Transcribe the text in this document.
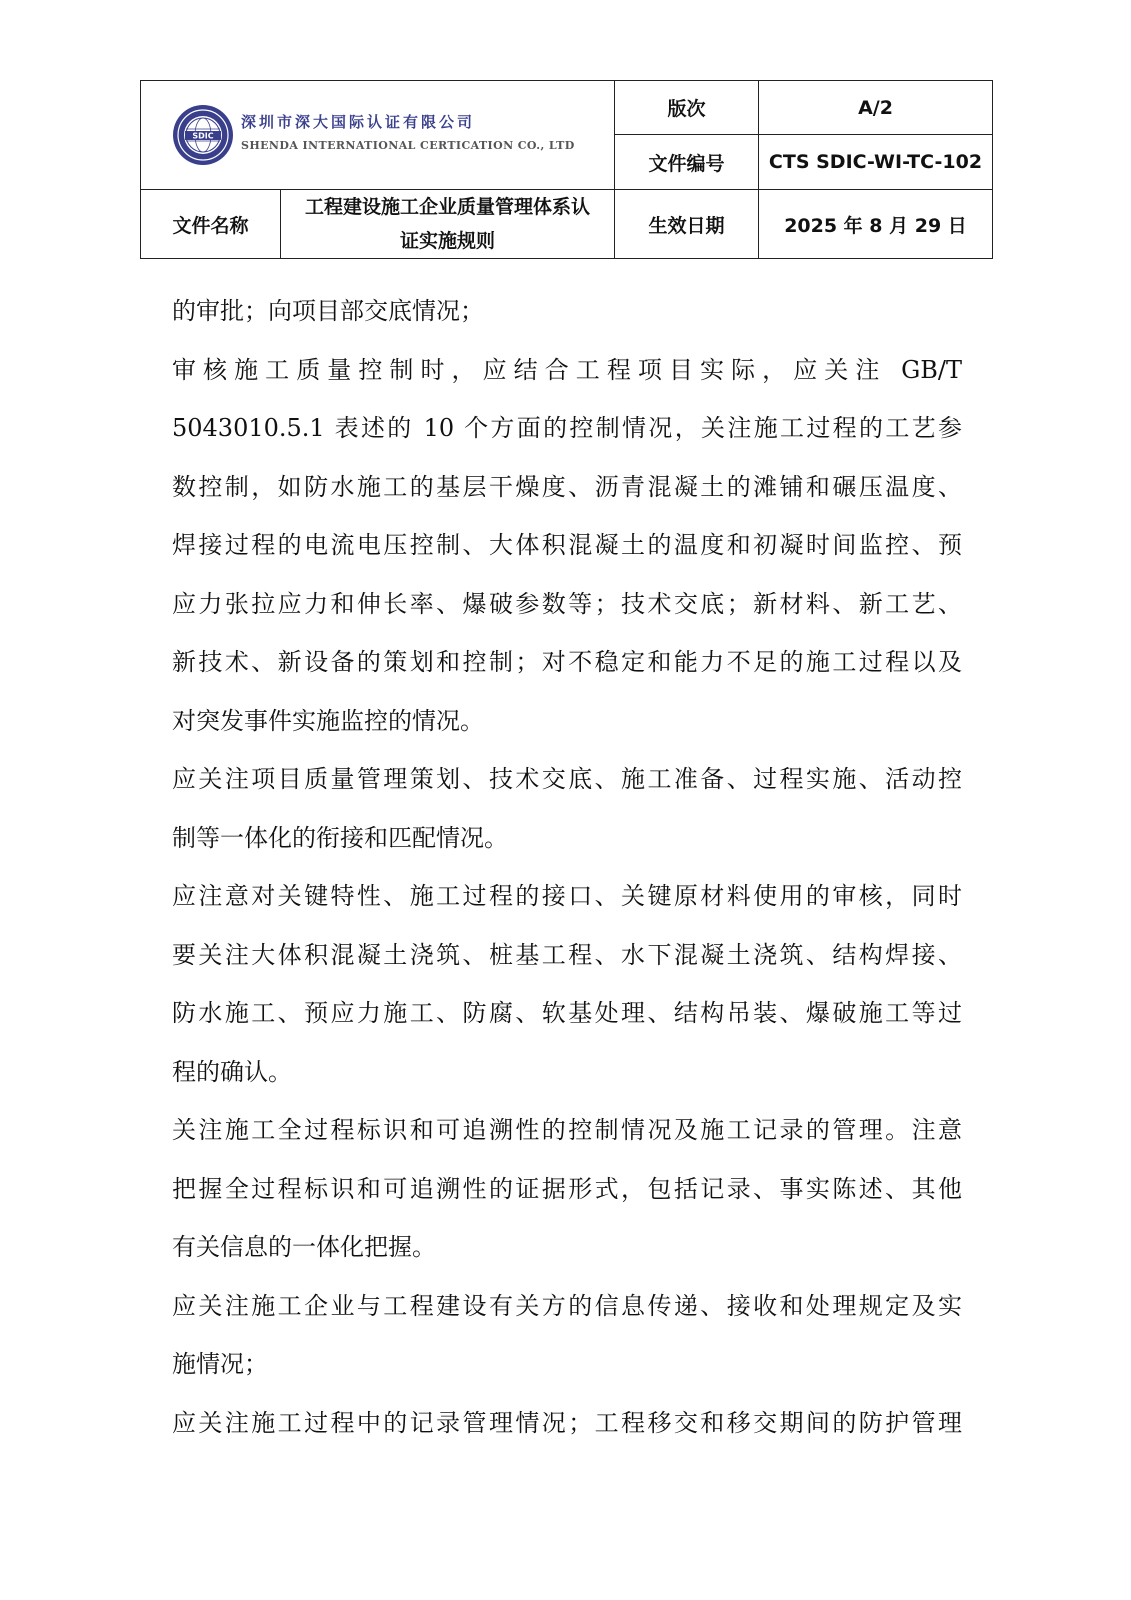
SDIC
深圳市深大国际认证有限公司
SHENDA INTERNATIONAL CERTICATION CO., LTD		版次	A/2
		文件编号	CTS SDIC-WI-TC-102
文件名称	工程建设施工企业质量管理体系认
证实施规则	生效日期	2025 年 8 月 29 日
的审批；向项目部交底情况；
审核施工质量控制时，应结合工程项目实际，应关注 GB/T
5043010.5.1 表述的 10 个方面的控制情况，关注施工过程的工艺参
数控制，如防水施工的基层干燥度、沥青混凝土的滩铺和碾压温度、
焊接过程的电流电压控制、大体积混凝土的温度和初凝时间监控、预
应力张拉应力和伸长率、爆破参数等；技术交底；新材料、新工艺、
新技术、新设备的策划和控制；对不稳定和能力不足的施工过程以及
对突发事件实施监控的情况。
应关注项目质量管理策划、技术交底、施工准备、过程实施、活动控
制等一体化的衔接和匹配情况。
应注意对关键特性、施工过程的接口、关键原材料使用的审核，同时
要关注大体积混凝土浇筑、桩基工程、水下混凝土浇筑、结构焊接、
防水施工、预应力施工、防腐、软基处理、结构吊装、爆破施工等过
程的确认。
关注施工全过程标识和可追溯性的控制情况及施工记录的管理。注意
把握全过程标识和可追溯性的证据形式，包括记录、事实陈述、其他
有关信息的一体化把握。
应关注施工企业与工程建设有关方的信息传递、接收和处理规定及实
施情况；
应关注施工过程中的记录管理情况；工程移交和移交期间的防护管理
